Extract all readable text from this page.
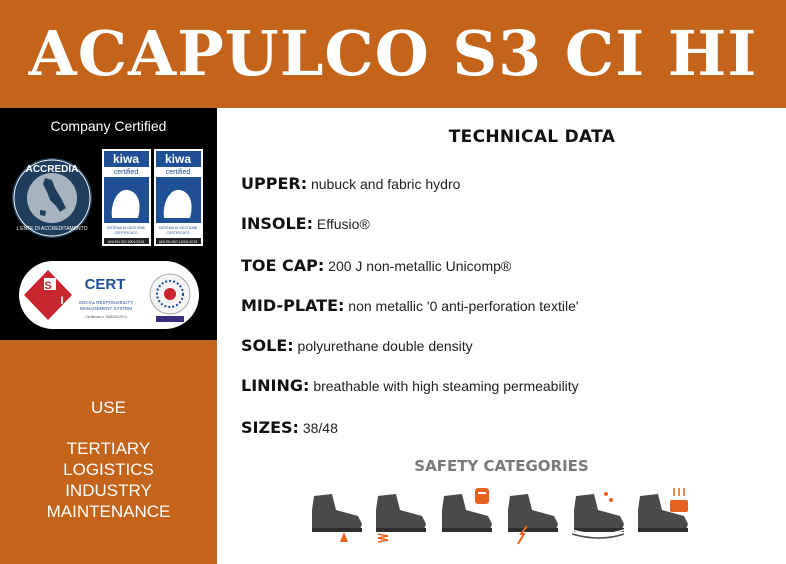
ACAPULCO S3 CI HI
Company Certified
ACCREDIA
L'ENTE DI ACCREDITAMENTO
kiwa
certified
SISTEMA DI GESTIONE
CERTIFICATO
UNI EN ISO 9001:2015
kiwa
certified
SISTEMA DI GESTIONE
CERTIFICATO
UNI EN ISO 14001:2015
S
I
CERT
SOCIAL RESPONSIBILITY
MANAGEMENT SYSTEM
Certificato n. SA8000/2014
USE
TERTIARY
LOGISTICS
INDUSTRY
MAINTENANCE
TECHNICAL DATA
UPPER: nubuck and fabric hydro
INSOLE: Effusio®
TOE CAP: 200 J non-metallic Unicomp®
MID-PLATE: non metallic '0 anti-perforation textile'
SOLE: polyurethane double density
LINING: breathable with high steaming permeability
SIZES: 38/48
SAFETY CATEGORIES
